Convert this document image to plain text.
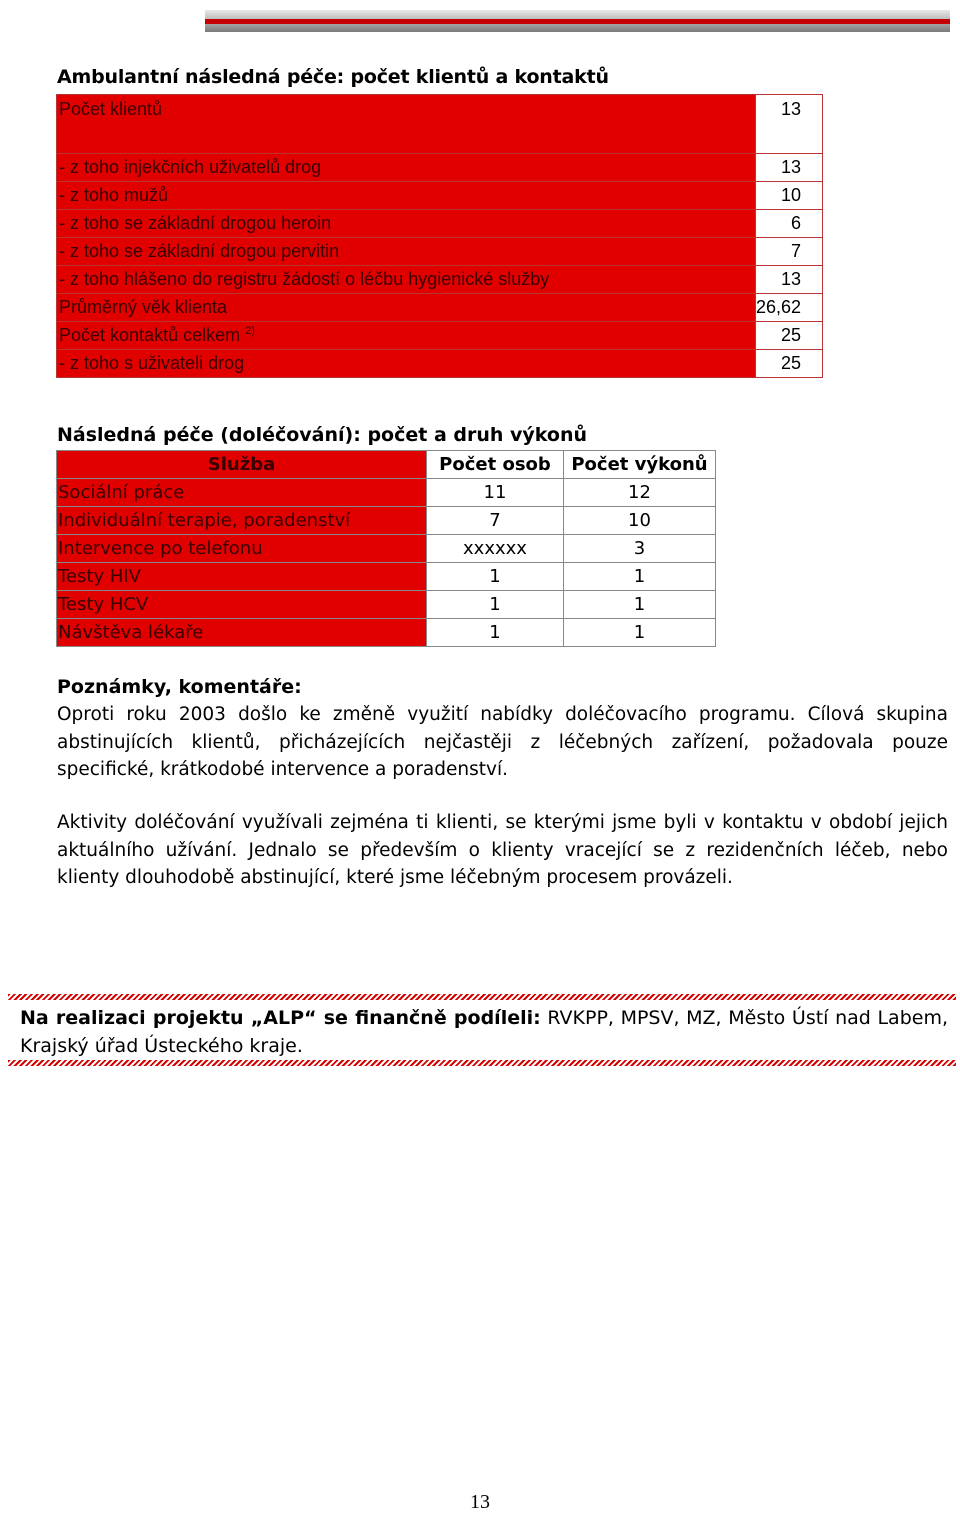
Ambulantní následná péče: počet klientů a kontaktů
Počet klientů	13
- z toho injekčních uživatelů drog	13
- z toho mužů	10
- z toho se základní drogou heroin	6
- z toho se základní drogou pervitin	7
- z toho hlášeno do registru žádostí o léčbu hygienické služby	13
Průměrný věk klienta	26,62
Počet kontaktů celkem $^{2)}$	25
- z toho s uživateli drog	25
Následná péče (doléčování): počet a druh výkonů
Služba	Počet osob	Počet výkonů
Sociální práce	11	12
Individuální terapie, poradenství	7	10
Intervence po telefonu	xxxxxx	3
Testy HIV	1	1
Testy HCV	1	1
Návštěva lékaře	1	1
Poznámky, komentáře:
Oproti roku 2003 došlo ke změně využití nabídky doléčovacího programu. Cílová skupina abstinujících klientů, přicházejících nejčastěji z léčebných zařízení, požadovala pouze specifické, krátkodobé intervence a poradenství.
Aktivity doléčování využívali zejména ti klienti, se kterými jsme byli v kontaktu v období jejich aktuálního užívání. Jednalo se především o klienty vracející se z rezidenčních léčeb, nebo klienty dlouhodobě abstinující, které jsme léčebným procesem provázeli.
Na realizaci projektu „ALP“ se finančně podíleli: RVKPP, MPSV, MZ, Město Ústí nad Labem, Krajský úřad Ústeckého kraje.
13
